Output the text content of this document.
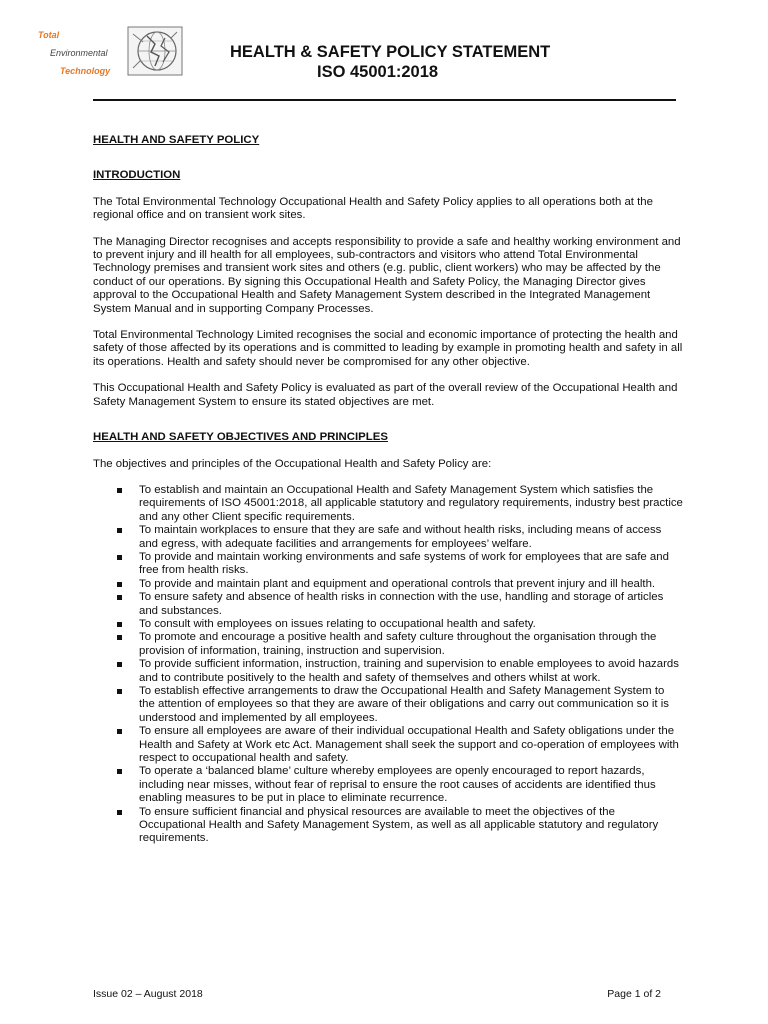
Total
Environmental
Technology
HEALTH & SAFETY POLICY STATEMENT
ISO 45001:2018
HEALTH AND SAFETY POLICY
INTRODUCTION

The Total Environmental Technology Occupational Health and Safety Policy applies to all operations both at the regional office and on transient work sites.

The Managing Director recognises and accepts responsibility to provide a safe and healthy working environment and to prevent injury and ill health for all employees, sub-contractors and visitors who attend Total Environmental Technology premises and transient work sites and others (e.g. public, client workers) who may be affected by the conduct of our operations. By signing this Occupational Health and Safety Policy, the Managing Director gives approval to the Occupational Health and Safety Management System described in the Integrated Management System Manual and in supporting Company Processes.

Total Environmental Technology Limited recognises the social and economic importance of protecting the health and safety of those affected by its operations and is committed to leading by example in promoting health and safety in all its operations. Health and safety should never be compromised for any other objective.

This Occupational Health and Safety Policy is evaluated as part of the overall review of the Occupational Health and Safety Management System to ensure its stated objectives are met.

HEALTH AND SAFETY OBJECTIVES AND PRINCIPLES

The objectives and principles of the Occupational Health and Safety Policy are:

To establish and maintain an Occupational Health and Safety Management System which satisfies the requirements of ISO 45001:2018, all applicable statutory and regulatory requirements, industry best practice and any other Client specific requirements.
To maintain workplaces to ensure that they are safe and without health risks, including means of access and egress, with adequate facilities and arrangements for employees’ welfare.
To provide and maintain working environments and safe systems of work for employees that are safe and free from health risks.
To provide and maintain plant and equipment and operational controls that prevent injury and ill health.
To ensure safety and absence of health risks in connection with the use, handling and storage of articles and substances.
To consult with employees on issues relating to occupational health and safety.
To promote and encourage a positive health and safety culture throughout the organisation through the provision of information, training, instruction and supervision.
To provide sufficient information, instruction, training and supervision to enable employees to avoid hazards and to contribute positively to the health and safety of themselves and others whilst at work.
To establish effective arrangements to draw the Occupational Health and Safety Management System to the attention of employees so that they are aware of their obligations and carry out communication so it is understood and implemented by all employees.
To ensure all employees are aware of their individual occupational Health and Safety obligations under the Health and Safety at Work etc Act. Management shall seek the support and co-operation of employees with respect to occupational health and safety.
To operate a ‘balanced blame’ culture whereby employees are openly encouraged to report hazards, including near misses, without fear of reprisal to ensure the root causes of accidents are identified thus enabling measures to be put in place to eliminate recurrence.
To ensure sufficient financial and physical resources are available to meet the objectives of the Occupational Health and Safety Management System, as well as all applicable statutory and regulatory requirements.
Issue 02 – August 2018	Page 1 of 2
